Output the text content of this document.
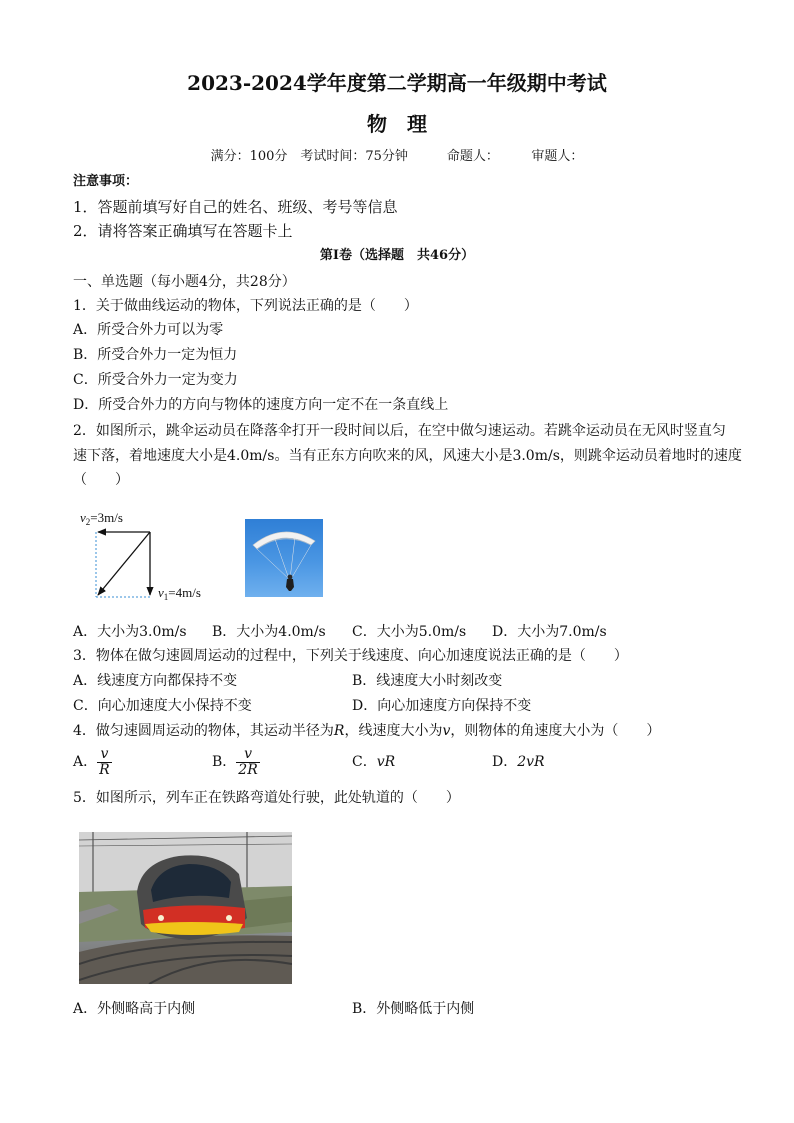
2023-2024学年度第二学期高一年级期中考试
物　理
满分：100分　考试时间：75分钟　　　命题人：　　　审题人：
注意事项：
1．答题前填写好自己的姓名、班级、考号等信息
2．请将答案正确填写在答题卡上
第Ⅰ卷（选择题　共46分）
一、单选题（每小题4分，共28分）
1．关于做曲线运动的物体，下列说法正确的是（　　）
A．所受合外力可以为零
B．所受合外力一定为恒力
C．所受合外力一定为变力
D．所受合外力的方向与物体的速度方向一定不在一条直线上
2．如图所示，跳伞运动员在降落伞打开一段时间以后，在空中做匀速运动。若跳伞运动员在无风时竖直匀
速下落，着地速度大小是4.0m/s。当有正东方向吹来的风，风速大小是3.0m/s，则跳伞运动员着地时的速度
（　　）
$v_2=3m/s$
$v_1=4m/s$
A．大小为3.0m/s B．大小为4.0m/s C．大小为5.0m/s D．大小为7.0m/s
3．物体在做匀速圆周运动的过程中，下列关于线速度、向心加速度说法正确的是（　　）
A．线速度方向都保持不变	B．线速度大小时刻改变
C．向心加速度大小保持不变	D．向心加速度方向保持不变
4．做匀速圆周运动的物体，其运动半径为R，线速度大小为v，则物体的角速度大小为（　　）
A． $\frac{v}{R}$	B． $\frac{v}{2R}$	C．vR	D．2vR
5．如图所示，列车正在铁路弯道处行驶，此处轨道的（　　）
A．外侧略高于内侧	B．外侧略低于内侧
